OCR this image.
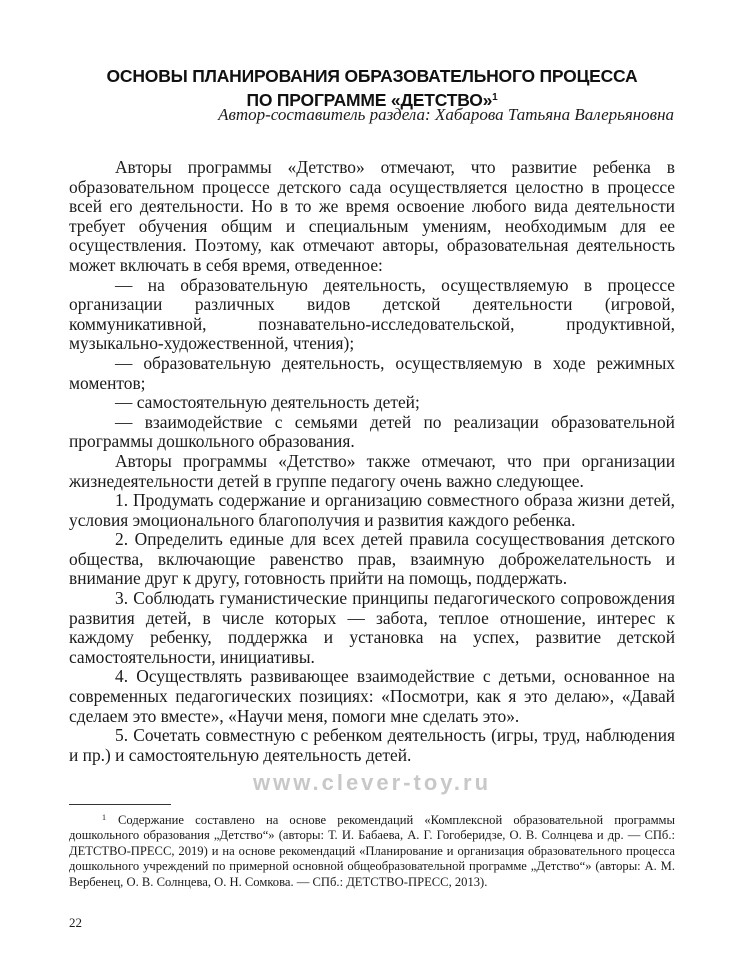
ОСНОВЫ ПЛАНИРОВАНИЯ ОБРАЗОВАТЕЛЬНОГО ПРОЦЕССА
ПО ПРОГРАММЕ «ДЕТСТВО»$^1$
Автор-составитель раздела: Хабарова Татьяна Валерьяновна

Авторы программы «Детство» отмечают, что развитие ребенка в образовательном процессе детского сада осуществляется целостно в процессе всей его деятельности. Но в то же время освоение любого вида деятельности требует обучения общим и специальным умениям, необходимым для ее осуществления. Поэтому, как отмечают авторы, образовательная деятельность может включать в себя время, отведенное:

— на образовательную деятельность, осуществляемую в процессе организации различных видов детской деятельности (игровой, коммуникативной, познавательно-исследовательской, продуктивной, музыкально-художественной, чтения);

— образовательную деятельность, осуществляемую в ходе режимных моментов;

— самостоятельную деятельность детей;

— взаимодействие с семьями детей по реализации образовательной программы дошкольного образования.

Авторы программы «Детство» также отмечают, что при организации жизнедеятельности детей в группе педагогу очень важно следующее.

1. Продумать содержание и организацию совместного образа жизни детей, условия эмоционального благополучия и развития каждого ребенка.

2. Определить единые для всех детей правила сосуществования детского общества, включающие равенство прав, взаимную доброжелательность и внимание друг к другу, готовность прийти на помощь, поддержать.

3. Соблюдать гуманистические принципы педагогического сопровождения развития детей, в числе которых — забота, теплое отношение, интерес к каждому ребенку, поддержка и установка на успех, развитие детской самостоятельности, инициативы.

4. Осуществлять развивающее взаимодействие с детьми, основанное на современных педагогических позициях: «Посмотри, как я это делаю», «Давай сделаем это вместе», «Научи меня, помоги мне сделать это».

5. Сочетать совместную с ребенком деятельность (игры, труд, наблюдения и пр.) и самостоятельную деятельность детей.

www.clever-toy.ru
$^1$ Содержание составлено на основе рекомендаций «Комплексной образовательной программы дошкольного образования „Детство“» (авторы: Т. И. Бабаева, А. Г. Гогоберидзе, О. В. Солнцева и др. — СПб.: ДЕТСТВО-ПРЕСС, 2019) и на основе рекомендаций «Планирование и организация образовательного процесса дошкольного учреждений по примерной основной общеобразовательной программе „Детство“» (авторы: А. М. Вербенец, О. В. Солнцева, О. Н. Сомкова. — СПб.: ДЕТСТВО-ПРЕСС, 2013).
22
